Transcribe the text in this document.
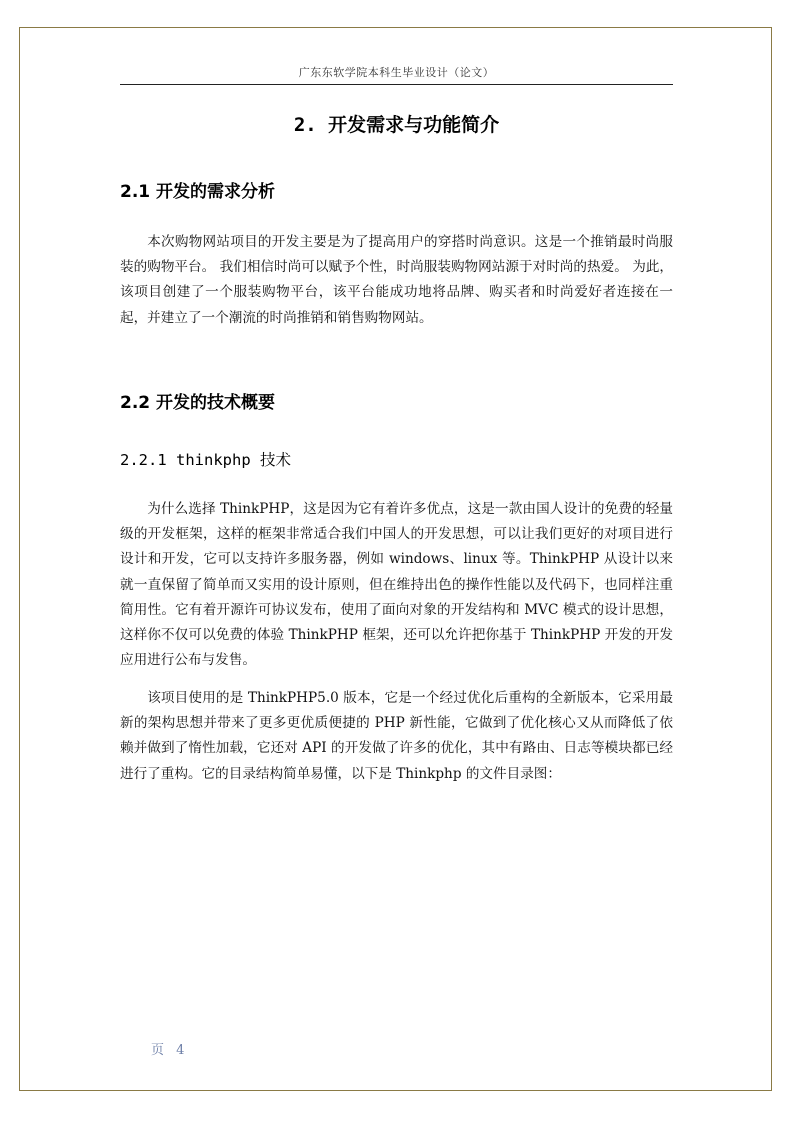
广东东软学院本科生毕业设计（论文）
2. 开发需求与功能简介
2.1 开发的需求分析

本次购物网站项目的开发主要是为了提高用户的穿搭时尚意识。这是一个推销最时尚服装的购物平台。 我们相信时尚可以赋予个性，时尚服装购物网站源于对时尚的热爱。 为此，该项目创建了一个服装购物平台，该平台能成功地将品牌、购买者和时尚爱好者连接在一起，并建立了一个潮流的时尚推销和销售购物网站。

2.2 开发的技术概要
2.2.1 thinkphp 技术

为什么选择 ThinkPHP，这是因为它有着许多优点，这是一款由国人设计的免费的轻量级的开发框架，这样的框架非常适合我们中国人的开发思想，可以让我们更好的对项目进行设计和开发，它可以支持许多服务器，例如 windows、linux 等。ThinkPHP 从设计以来就一直保留了简单而又实用的设计原则，但在维持出色的操作性能以及代码下，也同样注重简用性。它有着开源许可协议发布，使用了面向对象的开发结构和 MVC 模式的设计思想，这样你不仅可以免费的体验 ThinkPHP 框架，还可以允许把你基于 ThinkPHP 开发的开发应用进行公布与发售。

该项目使用的是 ThinkPHP5.0 版本，它是一个经过优化后重构的全新版本，它采用最新的架构思想并带来了更多更优质便捷的 PHP 新性能，它做到了优化核心又从而降低了依赖并做到了惰性加载，它还对 API 的开发做了许多的优化，其中有路由、日志等模块都已经进行了重构。它的目录结构简单易懂，以下是 Thinkphp 的文件目录图：

页 4
